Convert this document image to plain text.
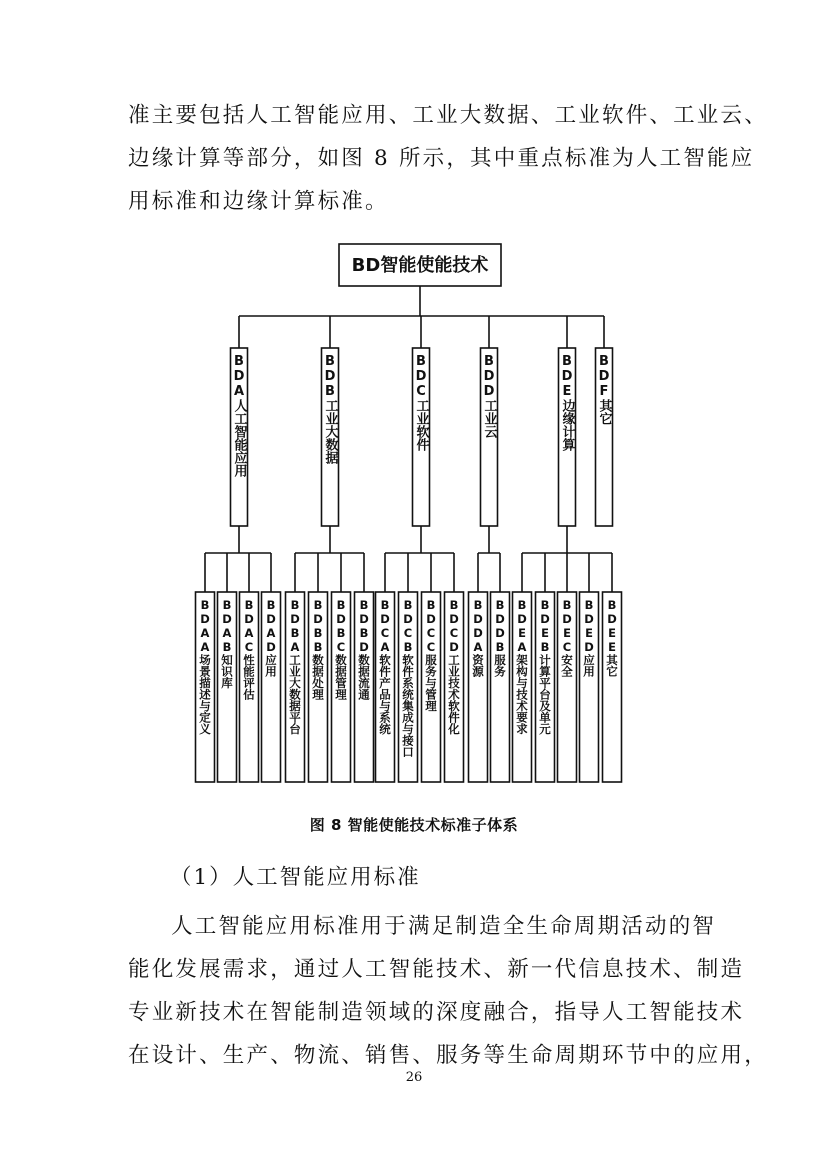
准主要包括人工智能应用、工业大数据、工业软件、工业云、
边缘计算等部分，如图 8 所示，其中重点标准为人工智能应
用标准和边缘计算标准。
BD智能使能技术
BDA人工智能应用
BDAA场景描述与定义 BDAB知识库 BDAC性能评估 BDAD应用
BDB工业大数据
BDBA工业大数据平台 BDBB数据处理 BDBC数据管理 BDBD数据流通
BDC工业软件
BDCA软件产品与系统 BDCB软件系统集成与接口 BDCC服务与管理 BDCD工业技术软件化
BDD工业云
BDDA资源 BDDB服务
BDE边缘计算
BDEA架构与技术要求 BDEB计算平台及单元 BDEC安全 BDED应用 BDEE其它
BDF其它
图 8 智能使能技术标准子体系
（1）人工智能应用标准
人工智能应用标准用于满足制造全生命周期活动的智
能化发展需求，通过人工智能技术、新一代信息技术、制造
专业新技术在智能制造领域的深度融合，指导人工智能技术
在设计、生产、物流、销售、服务等生命周期环节中的应用，
26
